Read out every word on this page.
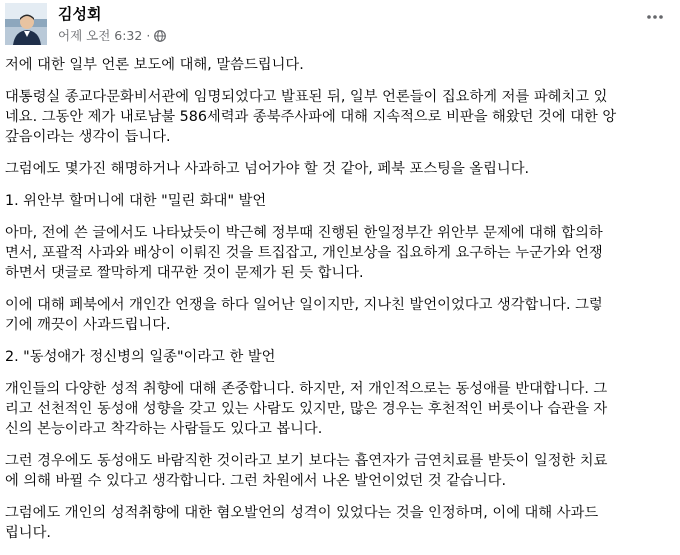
김성회
어제 오전 6:32 ·

저에 대한 일부 언론 보도에 대해, 말씀드립니다.

대통령실 종교다문화비서관에 임명되었다고 발표된 뒤, 일부 언론들이 집요하게 저를 파헤치고 있
네요. 그동안 제가 내로남불 586세력과 종북주사파에 대해 지속적으로 비판을 해왔던 것에 대한 앙
갚음이라는 생각이 듭니다.

그럼에도 몇가진 해명하거나 사과하고 넘어가야 할 것 같아, 페북 포스팅을 올립니다.

1. 위안부 할머니에 대한 "밀린 화대" 발언

아마, 전에 쓴 글에서도 나타났듯이 박근혜 정부때 진행된 한일정부간 위안부 문제에 대해 합의하
면서, 포괄적 사과와 배상이 이뤄진 것을 트집잡고, 개인보상을 집요하게 요구하는 누군가와 언쟁
하면서 댓글로 짤막하게 대꾸한 것이 문제가 된 듯 합니다.

이에 대해 페북에서 개인간 언쟁을 하다 일어난 일이지만, 지나친 발언이었다고 생각합니다. 그렇
기에 깨끗이 사과드립니다.

2. "동성애가 정신병의 일종"이라고 한 발언

개인들의 다양한 성적 취향에 대해 존중합니다. 하지만, 저 개인적으로는 동성애를 반대합니다. 그
리고 선천적인 동성애 성향을 갖고 있는 사람도 있지만, 많은 경우는 후천적인 버릇이나 습관을 자
신의 본능이라고 착각하는 사람들도 있다고 봅니다.

그런 경우에도 동성애도 바람직한 것이라고 보기 보다는 흡연자가 금연치료를 받듯이 일정한 치료
에 의해 바뀔 수 있다고 생각합니다. 그런 차원에서 나온 발언이었던 것 같습니다.

그럼에도 개인의 성적취향에 대한 혐오발언의 성격이 있었다는 것을 인정하며, 이에 대해 사과드
립니다.
